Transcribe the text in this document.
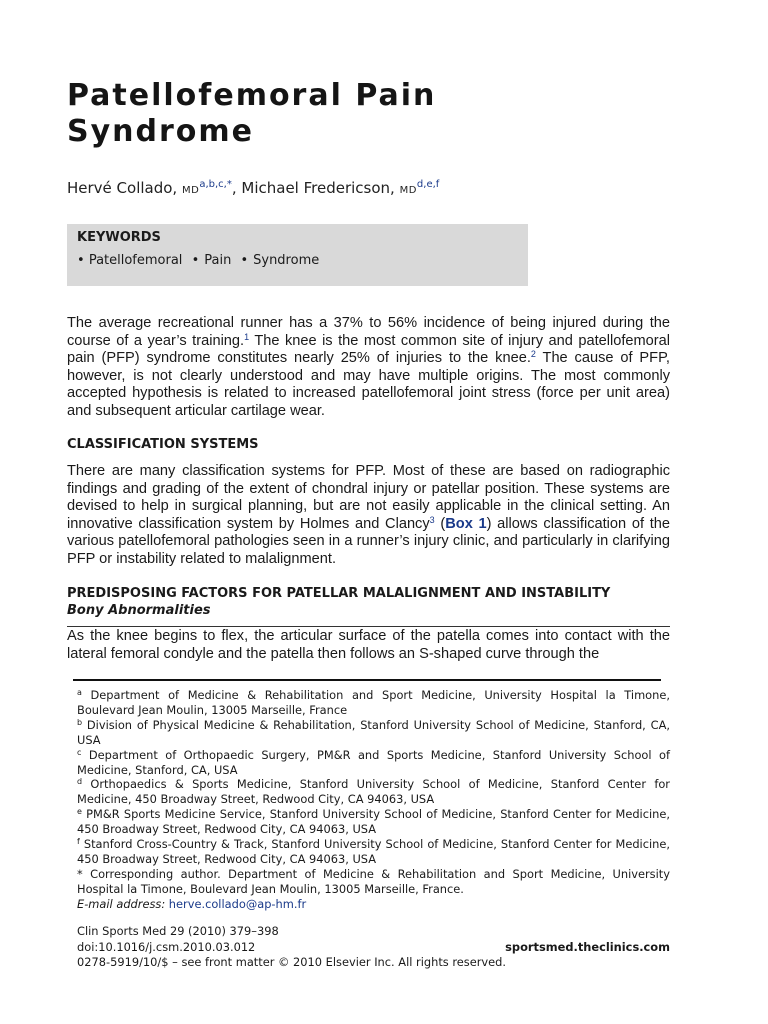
Patellofemoral Pain
Syndrome
Hervé Collado, $MD^{a,b,c,*}$, Michael Fredericson, MD$^{d,e,f}$
KEYWORDS
• Patellofemoral • Pain • Syndrome
The average recreational runner has a 37% to 56% incidence of being injured during the course of a year’s training.$^1$ The knee is the most common site of injury and patellofemoral pain (PFP) syndrome constitutes nearly 25% of injuries to the knee.$^2$ The cause of PFP, however, is not clearly understood and may have multiple origins. The most commonly accepted hypothesis is related to increased patellofemoral joint stress (force per unit area) and subsequent articular cartilage wear.
CLASSIFICATION SYSTEMS
There are many classification systems for PFP. Most of these are based on radiographic findings and grading of the extent of chondral injury or patellar position. These systems are devised to help in surgical planning, but are not easily applicable in the clinical setting. An innovative classification system by Holmes and Clancy$^3$ (Box 1) allows classification of the various patellofemoral pathologies seen in a runner’s injury clinic, and particularly in clarifying PFP or instability related to malalignment.
PREDISPOSING FACTORS FOR PATELLAR MALALIGNMENT AND INSTABILITY
Bony Abnormalities
As the knee begins to flex, the articular surface of the patella comes into contact with the lateral femoral condyle and the patella then follows an S-shaped curve through the

$^a$ Department of Medicine & Rehabilitation and Sport Medicine, University Hospital la Timone, Boulevard Jean Moulin, 13005 Marseille, France

$^b$ Division of Physical Medicine & Rehabilitation, Stanford University School of Medicine, Stanford, CA, USA

$^c$ Department of Orthopaedic Surgery, PM&R and Sports Medicine, Stanford University School of Medicine, Stanford, CA, USA

$^d$ Orthopaedics & Sports Medicine, Stanford University School of Medicine, Stanford Center for Medicine, 450 Broadway Street, Redwood City, CA 94063, USA

$^e$ PM&R Sports Medicine Service, Stanford University School of Medicine, Stanford Center for Medicine, 450 Broadway Street, Redwood City, CA 94063, USA

$^f$ Stanford Cross-Country & Track, Stanford University School of Medicine, Stanford Center for Medicine, 450 Broadway Street, Redwood City, CA 94063, USA

* Corresponding author. Department of Medicine & Rehabilitation and Sport Medicine, University Hospital la Timone, Boulevard Jean Moulin, 13005 Marseille, France.

E-mail address: herve.collado@ap-hm.fr

Clin Sports Med 29 (2010) 379–398
doi:10.1016/j.csm.2010.03.012	sportsmed.theclinics.com
0278-5919/10/$ – see front matter © 2010 Elsevier Inc. All rights reserved.
